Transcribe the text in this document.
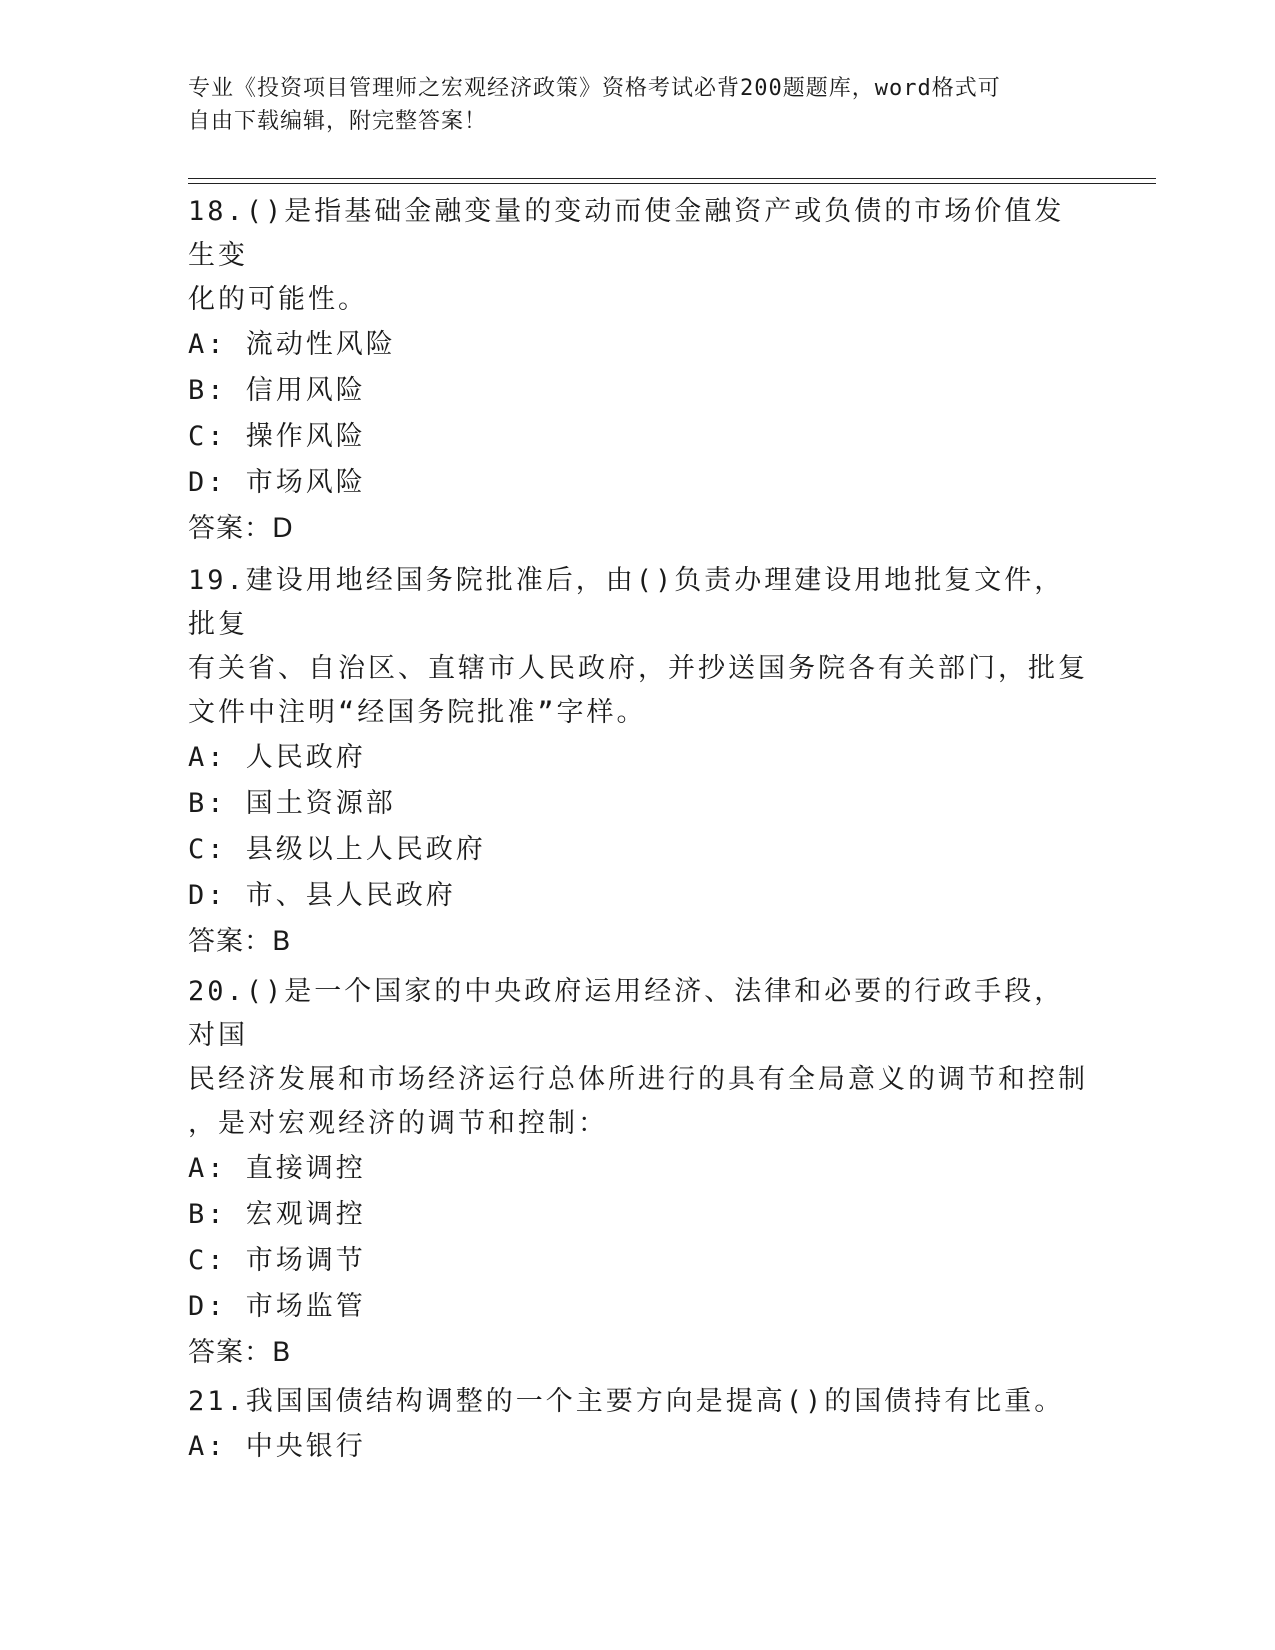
专业《投资项目管理师之宏观经济政策》资格考试必背200题题库，word格式可
自由下载编辑，附完整答案！
18.()是指基础金融变量的变动而使金融资产或负债的市场价值发生变
化的可能性。
A: 流动性风险
B: 信用风险
C: 操作风险
D: 市场风险
答案：D
19.建设用地经国务院批准后，由()负责办理建设用地批复文件，批复
有关省、自治区、直辖市人民政府，并抄送国务院各有关部门，批复
文件中注明“经国务院批准”字样。
A: 人民政府
B: 国土资源部
C: 县级以上人民政府
D: 市、县人民政府
答案：B
20.()是一个国家的中央政府运用经济、法律和必要的行政手段，对国
民经济发展和市场经济运行总体所进行的具有全局意义的调节和控制
，是对宏观经济的调节和控制：
A: 直接调控
B: 宏观调控
C: 市场调节
D: 市场监管
答案：B
21.我国国债结构调整的一个主要方向是提高()的国债持有比重。
A: 中央银行
